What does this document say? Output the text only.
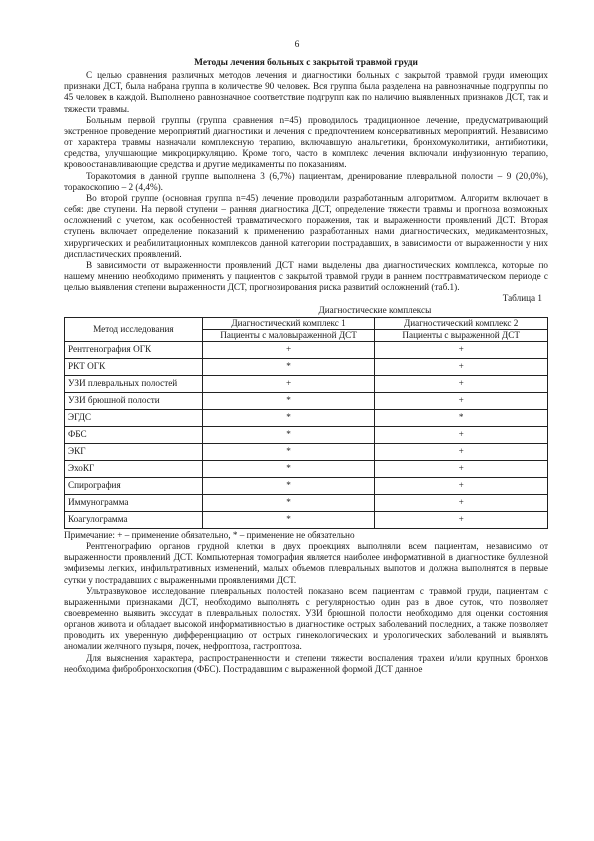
6
Методы лечения больных с закрытой травмой груди

С целью сравнения различных методов лечения и диагностики больных с закрытой травмой груди имеющих признаки ДСТ, была набрана группа в количестве 90 человек. Вся группа была разделена на равнозначные подгруппы по 45 человек в каждой. Выполнено равнозначное соответствие подгрупп как по наличию выявленных признаков ДСТ, так и тяжести травмы.

Больным первой группы (группа сравнения n=45) проводилось традиционное лечение, предусматривающий экстренное проведение мероприятий диагностики и лечения с предпочтением консервативных мероприятий. Независимо от характера травмы назначали комплексную терапию, включавшую анальгетики, бронхомуколитики, антибиотики, средства, улучшающие микроциркуляцию. Кроме того, часто в комплекс лечения включали инфузионную терапию, кровоостанавливающие средства и другие медикаменты по показаниям.

Торакотомия в данной группе выполнена 3 (6,7%) пациентам, дренирование плевральной полости – 9 (20,0%), торакоскопию – 2 (4,4%).

Во второй группе (основная группа n=45) лечение проводили разработанным алгоритмом. Алгоритм включает в себя: две ступени. На первой ступени – ранняя диагностика ДСТ, определение тяжести травмы и прогноза возможных осложнений с учетом, как особенностей травматического поражения, так и выраженности проявлений ДСТ. Вторая ступень включает определение показаний к применению разработанных нами диагностических, медикаментозных, хирургических и реабилитационных комплексов данной категории пострадавших, в зависимости от выраженности у них диспластических проявлений.

В зависимости от выраженности проявлений ДСТ нами выделены два диагностических комплекса, которые по нашему мнению необходимо применять у пациентов с закрытой травмой груди в раннем посттравматическом периоде с целью выявления степени выраженности ДСТ, прогнозирования риска развитий осложнений (таб.1).

Таблица 1
	Диагностические комплексы	
Метод исследования	Диагностический комплекс 1	Диагностический комплекс 2
	Пациенты с маловыраженной ДСТ	Пациенты с выраженной ДСТ
Рентгенография ОГК	+	+
РКТ ОГК	*	+
УЗИ плевральных полостей	+	+
УЗИ брюшной полости	*	+
ЭГДС	*	*
ФБС	*	+
ЭКГ	*	+
ЭхоКГ	*	+
Спирография	*	+
Иммунограмма	*	+
Коагулограмма	*	+

Примечание: + – применение обязательно, * – применение не обязательно

Рентгенографию органов грудной клетки в двух проекциях выполняли всем пациентам, независимо от выраженности проявлений ДСТ. Компьютерная томография является наиболее информативной в диагностике буллезной эмфиземы легких, инфильтративных изменений, малых объемов плевральных выпотов и должна выполнятся в первые сутки у пострадавших с выраженными проявлениями ДСТ.

Ультразвуковое исследование плевральных полостей показано всем пациентам с травмой груди, пациентам с выраженными признаками ДСТ, необходимо выполнять с регулярностью один раз в двое суток, что позволяет своевременно выявить экссудат в плевральных полостях. УЗИ брюшной полости необходимо для оценки состояния органов живота и обладает высокой информативностью в диагностике острых заболеваний последних, а также позволяет проводить их уверенную дифференциацию от острых гинекологических и урологических заболеваний и выявлять аномалии желчного пузыря, почек, нефроптоза, гастроптоза.

Для выяснения характера, распространенности и степени тяжести воспаления трахеи и/или крупных бронхов необходима фибробронхоскопия (ФБС). Пострадавшим с выраженной формой ДСТ данное
